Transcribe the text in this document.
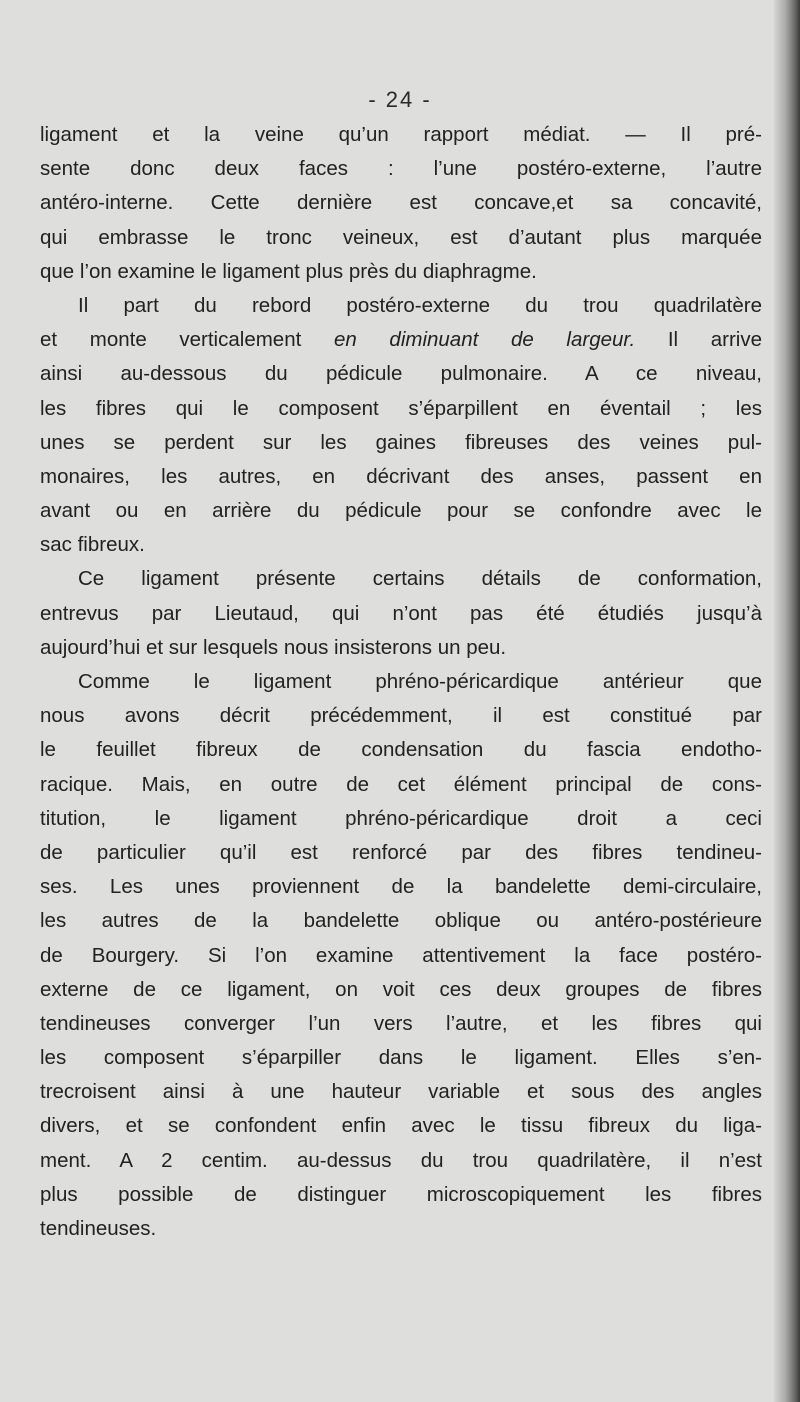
- 24 -
ligament et la veine qu’un rapport médiat. — Il pré-
sente donc deux faces : l’une postéro-externe, l’autre
antéro-interne. Cette dernière est concave,et sa concavité,
qui embrasse le tronc veineux, est d’autant plus marquée
que l’on examine le ligament plus près du diaphragme.
Il part du rebord postéro-externe du trou quadrilatère
et monte verticalement en diminuant de largeur. Il arrive
ainsi au-dessous du pédicule pulmonaire. A ce niveau,
les fibres qui le composent s’éparpillent en éventail ; les
unes se perdent sur les gaines fibreuses des veines pul-
monaires, les autres, en décrivant des anses, passent en
avant ou en arrière du pédicule pour se confondre avec le
sac fibreux.
Ce ligament présente certains détails de conformation,
entrevus par Lieutaud, qui n’ont pas été étudiés jusqu’à
aujourd’hui et sur lesquels nous insisterons un peu.
Comme le ligament phréno-péricardique antérieur que
nous avons décrit précédemment, il est constitué par
le feuillet fibreux de condensation du fascia endotho-
racique. Mais, en outre de cet élément principal de cons-
titution, le ligament phréno-péricardique droit a ceci
de particulier qu’il est renforcé par des fibres tendineu-
ses. Les unes proviennent de la bandelette demi-circulaire,
les autres de la bandelette oblique ou antéro-postérieure
de Bourgery. Si l’on examine attentivement la face postéro-
externe de ce ligament, on voit ces deux groupes de fibres
tendineuses converger l’un vers l’autre, et les fibres qui
les composent s’éparpiller dans le ligament. Elles s’en-
trecroisent ainsi à une hauteur variable et sous des angles
divers, et se confondent enfin avec le tissu fibreux du liga-
ment. A 2 centim. au-dessus du trou quadrilatère, il n’est
plus possible de distinguer microscopiquement les fibres
tendineuses.
